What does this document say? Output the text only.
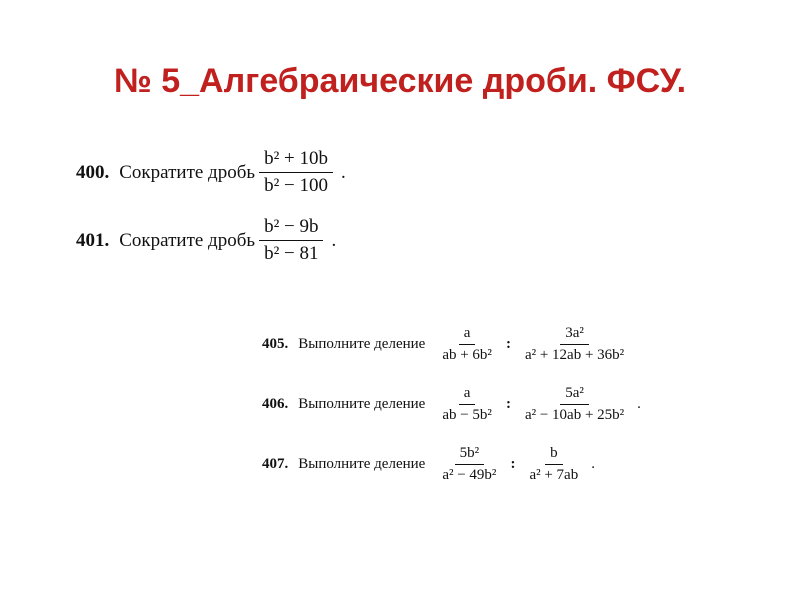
№ 5_Алгебраические дроби. ФСУ.
400. Сократите дробь $\frac{\text{b² + 10b}}{\text{b² − 100}}$ .
401. Сократите дробь $\frac{\text{b² − 9b}}{\text{b² − 81}}$ .
405. Выполните деление $\frac{a}{\text{ab + 6b²}}$ : $\frac{\text{3a²}}{\text{a² + 12ab + 36b²}}$
406. Выполните деление $\frac{a}{\text{ab − 5b²}}$ : $\frac{\text{5a²}}{\text{a² − 10ab + 25b²}}$ .
407. Выполните деление $\frac{\text{5b²}}{\text{a² − 49b²}}$ : $\frac{b}{\text{a² + 7ab}}$ .
